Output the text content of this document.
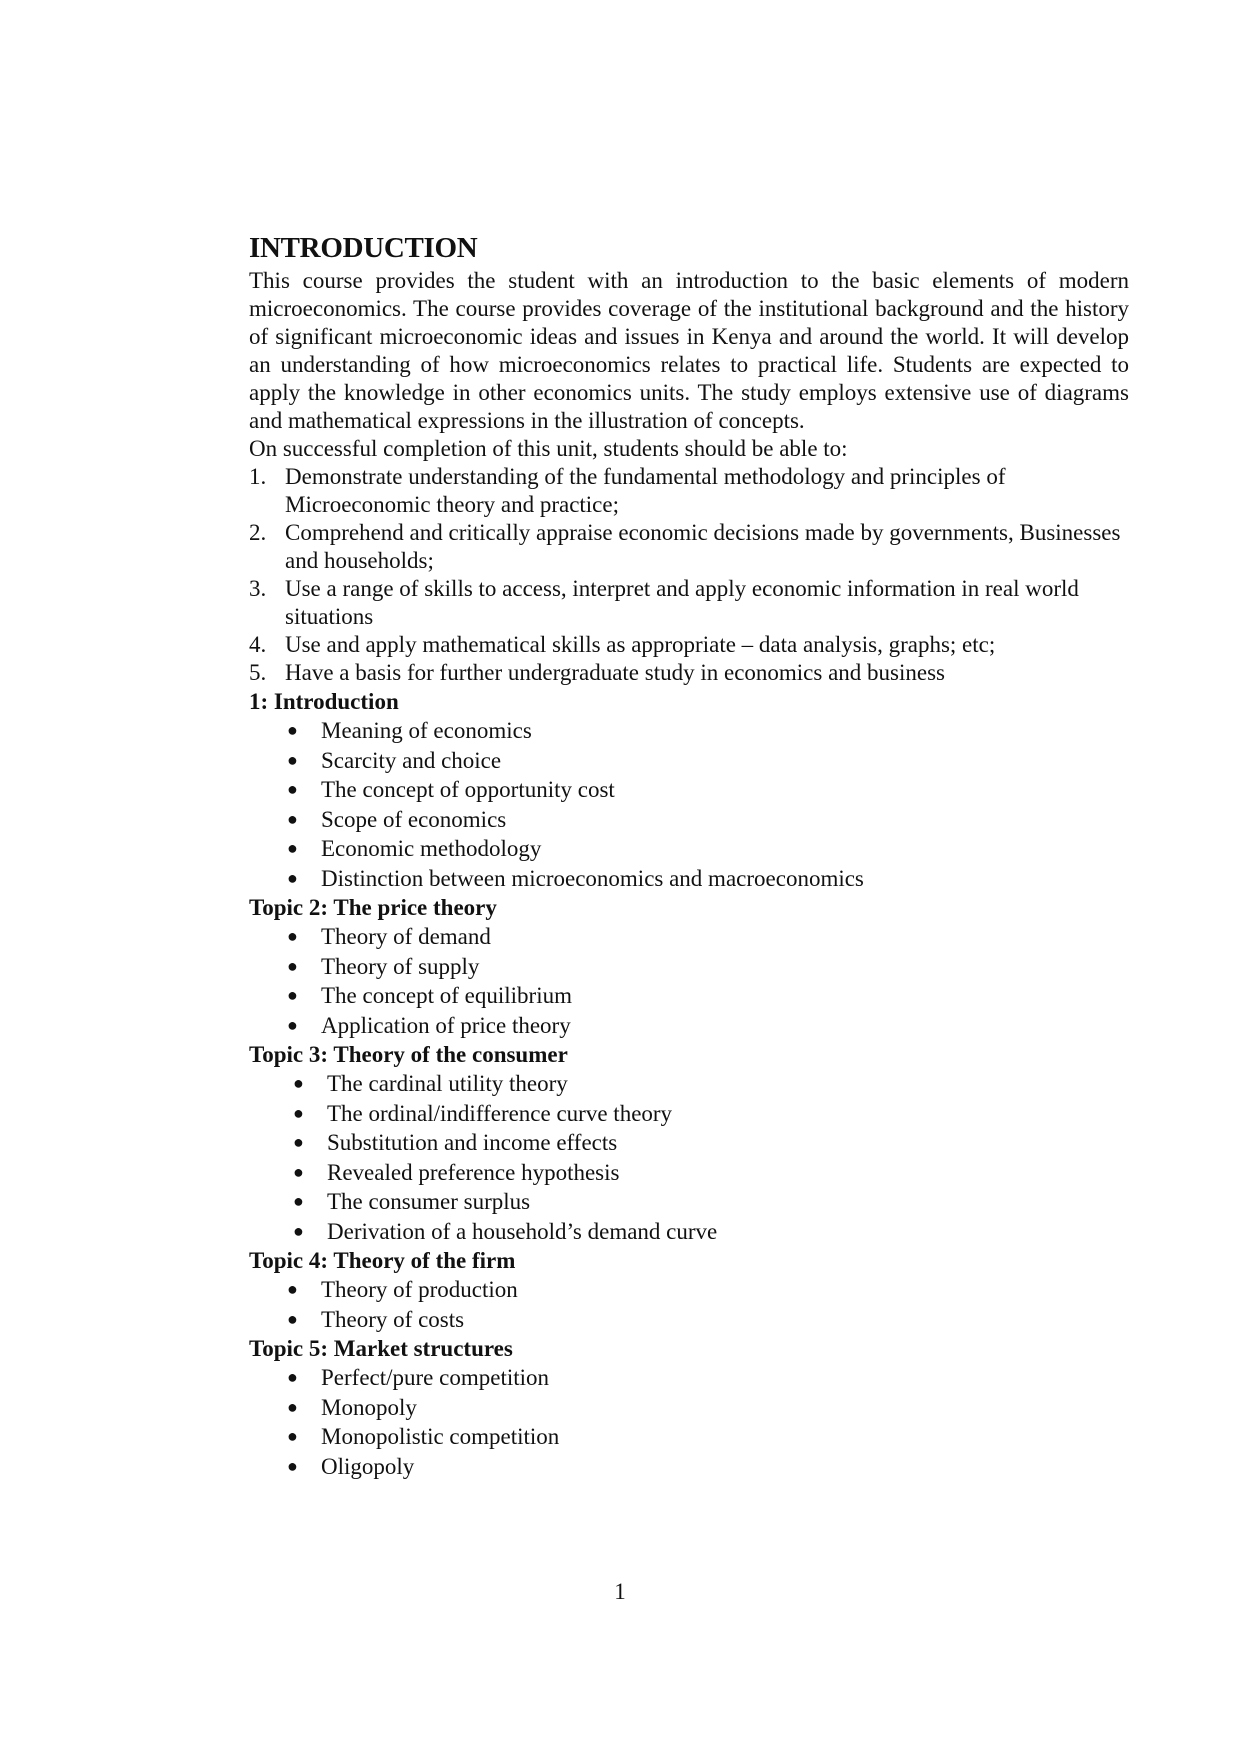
INTRODUCTION

This course provides the student with an introduction to the basic elements of modern microeconomics. The course provides coverage of the institutional background and the history of significant microeconomic ideas and issues in Kenya and around the world. It will develop an understanding of how microeconomics relates to practical life. Students are expected to apply the knowledge in other economics units. The study employs extensive use of diagrams and mathematical expressions in the illustration of concepts.

On successful completion of this unit, students should be able to:

1. Demonstrate understanding of the fundamental methodology and principles of Microeconomic theory and practice;
2. Comprehend and critically appraise economic decisions made by governments, Businesses and households;
3. Use a range of skills to access, interpret and apply economic information in real world situations
4. Use and apply mathematical skills as appropriate – data analysis, graphs; etc;
5. Have a basis for further undergraduate study in economics and business

1: Introduction

● Meaning of economics
● Scarcity and choice
● The concept of opportunity cost
● Scope of economics
● Economic methodology
● Distinction between microeconomics and macroeconomics

Topic 2: The price theory

● Theory of demand
● Theory of supply
● The concept of equilibrium
● Application of price theory

Topic 3: Theory of the consumer

● The cardinal utility theory
● The ordinal/indifference curve theory
● Substitution and income effects
● Revealed preference hypothesis
● The consumer surplus
● Derivation of a household’s demand curve

Topic 4: Theory of the firm

● Theory of production
● Theory of costs

Topic 5: Market structures

● Perfect/pure competition
● Monopoly
● Monopolistic competition
● Oligopoly
1
